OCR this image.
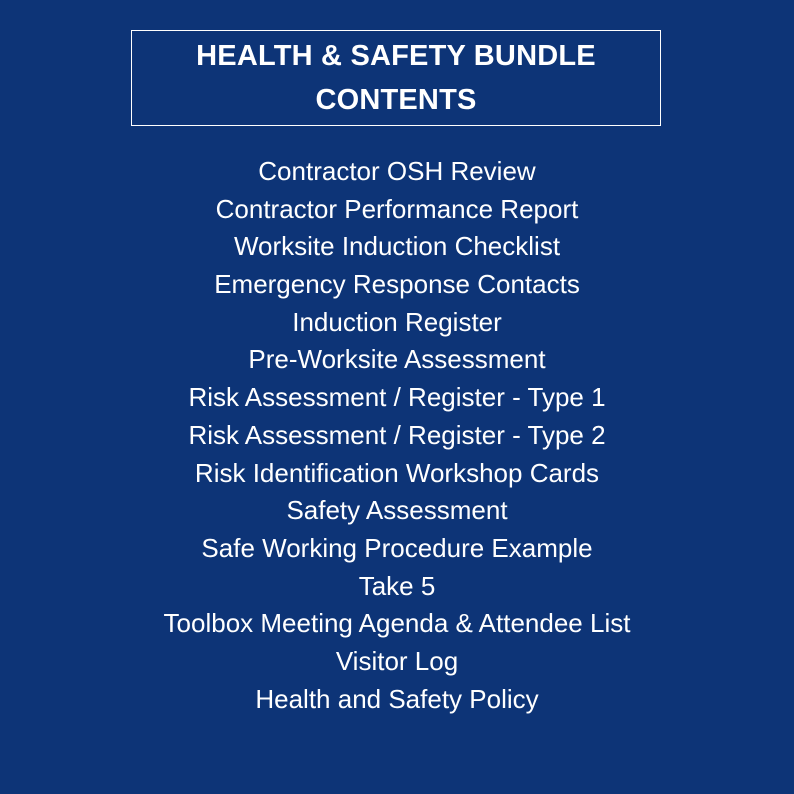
HEALTH & SAFETY BUNDLE
CONTENTS
Contractor OSH Review
Contractor Performance Report
Worksite Induction Checklist
Emergency Response Contacts
Induction Register
Pre-Worksite Assessment
Risk Assessment / Register - Type 1
Risk Assessment / Register - Type 2
Risk Identification Workshop Cards
Safety Assessment
Safe Working Procedure Example
Take 5
Toolbox Meeting Agenda & Attendee List
Visitor Log
Health and Safety Policy
